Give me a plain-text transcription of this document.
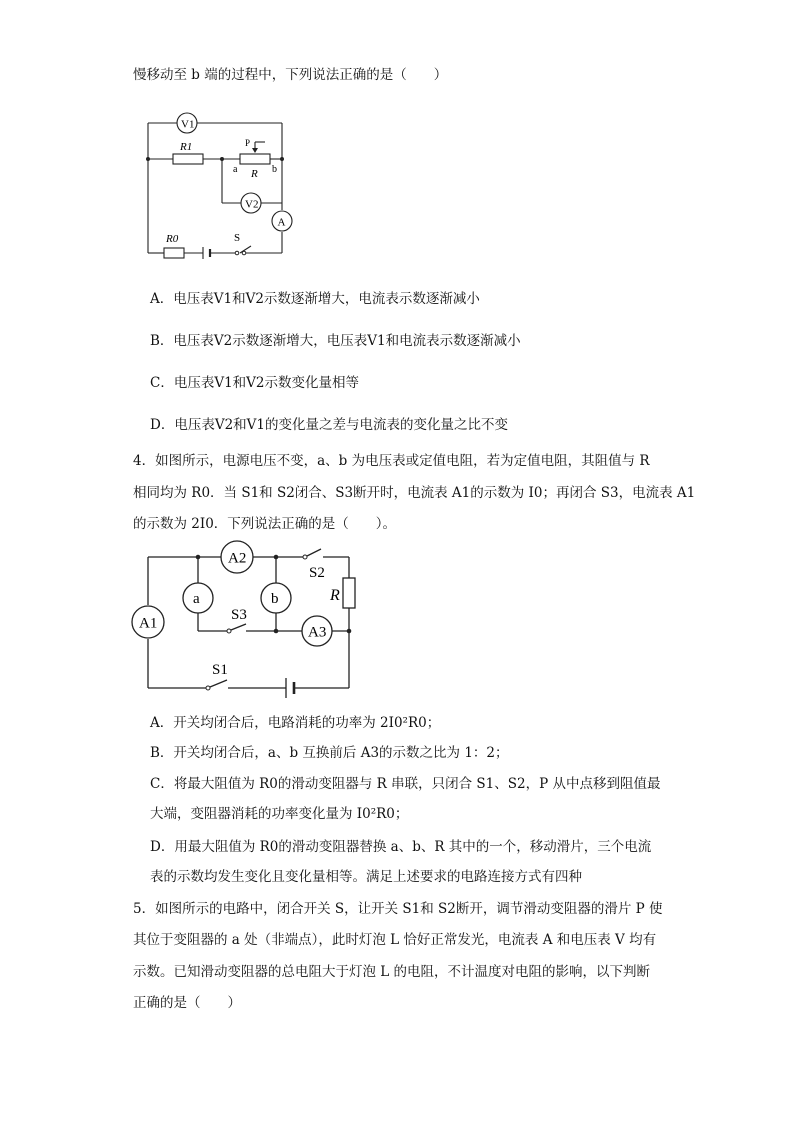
慢移动至 b 端的过程中，下列说法正确的是（　　）
V1
R1	P
R
a	b
V2
A
R0	S
A．电压表V1和V2示数逐渐增大，电流表示数逐渐减小
B．电压表V2示数逐渐增大，电压表V1和电流表示数逐渐减小
C．电压表V1和V2示数变化量相等
D．电压表V2和V1的变化量之差与电流表的变化量之比不变
4．如图所示，电源电压不变，a、b 为电压表或定值电阻，若为定值电阻，其阻值与 R
相同均为 R0．当 S1和 S2闭合、S3断开时，电流表 A1的示数为 I0；再闭合 S3，电流表 A1
的示数为 2I0．下列说法正确的是（　　）。
A1
A2
a	b
A3
R
S2
S3
S1
A．开关均闭合后，电路消耗的功率为 2I0²R0；
B．开关均闭合后，a、b 互换前后 A3的示数之比为 1：2；
C．将最大阻值为 R0的滑动变阻器与 R 串联，只闭合 S1、S2，P 从中点移到阻值最
大端，变阻器消耗的功率变化量为 I0²R0；
D．用最大阻值为 R0的滑动变阻器替换 a、b、R 其中的一个，移动滑片，三个电流
表的示数均发生变化且变化量相等。满足上述要求的电路连接方式有四种
5．如图所示的电路中，闭合开关 S，让开关 S1和 S2断开，调节滑动变阻器的滑片 P 使
其位于变阻器的 a 处（非端点），此时灯泡 L 恰好正常发光，电流表 A 和电压表 V 均有
示数。已知滑动变阻器的总电阻大于灯泡 L 的电阻，不计温度对电阻的影响，以下判断
正确的是（　　）
